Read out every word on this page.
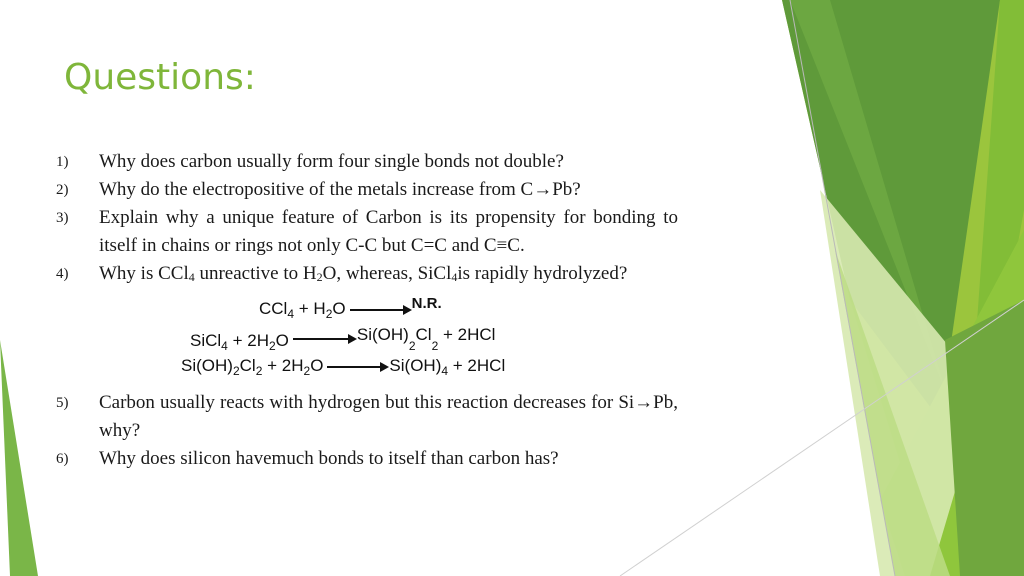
Questions:
1) Why does carbon usually form four single bonds not double?
2) Why do the electropositive of the metals increase from C→Pb?
3) Explain why a unique feature of Carbon is its propensity for bonding to itself in chains or rings not only C-C but C=C and C≡C.
4) Why is CCl$_4$ unreactive to $H_2O$, whereas, SiCl$_4$is rapidly hydrolyzed?
$CCl_4 + H_2O \to N.R$.
SiCl$_4$ + $2H_2O \to Si(OH)_2Cl_2 + 2HCl$
$Si(OH)_2Cl_2 + 2H_2O \to Si(OH)_4 + 2HCl$
5) Carbon usually reacts with hydrogen but this reaction decreases for Si→Pb, why?
6) Why does silicon havemuch bonds to itself than carbon has?
